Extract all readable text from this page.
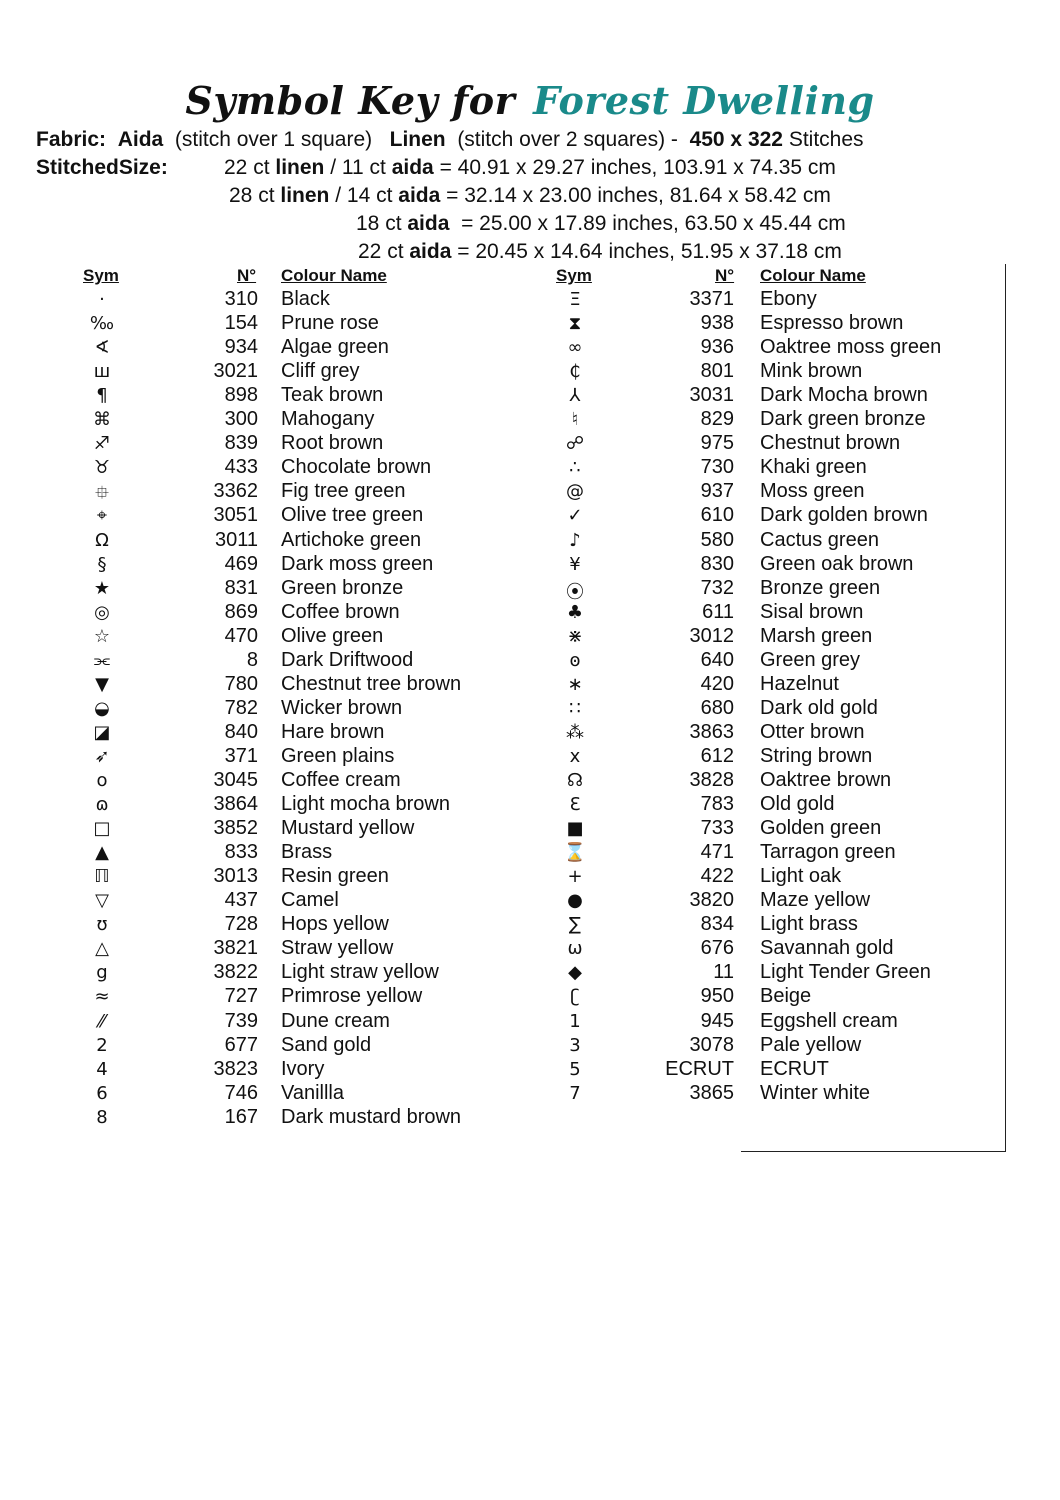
Symbol Key for Forest Dwelling
Fabric: Aida (stitch over 1 square) Linen (stitch over 2 squares) - 450 x 322 Stitches
StitchedSize:	22 ct linen / 11 ct aida = 40.91 x 29.27 inches, 103.91 x 74.35 cm
28 ct linen / 14 ct aida = 32.14 x 23.00 inches, 81.64 x 58.42 cm
18 ct aida  = 25.00 x 17.89 inches, 63.50 x 45.44 cm
22 ct aida = 20.45 x 14.64 inches, 51.95 x 37.18 cm
Sym	N° Colour Name
·	310 Black
‰	154 Prune rose
∢	934 Algae green
ш	3021 Cliff grey
¶	898 Teak brown
⌘	300 Mahogany
♐	839 Root brown
♉	433 Chocolate brown
⯐	3362 Fig tree green
⌖	3051 Olive tree green
Ω	3011 Artichoke green
§	469 Dark moss green
★	831 Green bronze
◎	869 Coffee brown
☆	470 Olive green
⫘	8 Dark Driftwood
▼	780 Chestnut tree brown
◒	782 Wicker brown
◪	840 Hare brown
➶	371 Green plains
o	3045 Coffee cream
ɷ	3864 Light mocha brown
□	3852 Mustard yellow
▲	833 Brass
ℿ	3013 Resin green
▽	437 Camel
ʊ	728 Hops yellow
△	3821 Straw yellow
g	3822 Light straw yellow
≈	727 Primrose yellow
⁄⁄	739 Dune cream
2	677 Sand gold
4	3823 Ivory
6	746 Vanillla
8	167 Dark mustard brown
Sym	N° Colour Name
Ξ	3371 Ebony
⧗	938 Espresso brown
∞	936 Oaktree moss green
₵	801 Mink brown
⅄	3031 Dark Mocha brown
♮	829 Dark green bronze
☍	975 Chestnut brown
∴	730 Khaki green
@	937 Moss green
✓	610 Dark golden brown
♪	580 Cactus green
¥	830 Green oak brown
⦿	732 Bronze green
♣	611 Sisal brown
⋇	3012 Marsh green
ꙩ	640 Green grey
∗	420 Hazelnut
∷	680 Dark old gold
⁂	3863 Otter brown
x	612 String brown
☊	3828 Oaktree brown
Ɛ	783 Old gold
■	733 Golden green
⌛	471 Tarragon green
+	422 Light oak
●	3820 Maze yellow
∑	834 Light brass
ω	676 Savannah gold
◆	11 Light Tender Green
ʗ	950 Beige
1	945 Eggshell cream
3	3078 Pale yellow
5	ECRUT ECRUT
7	3865 Winter white
